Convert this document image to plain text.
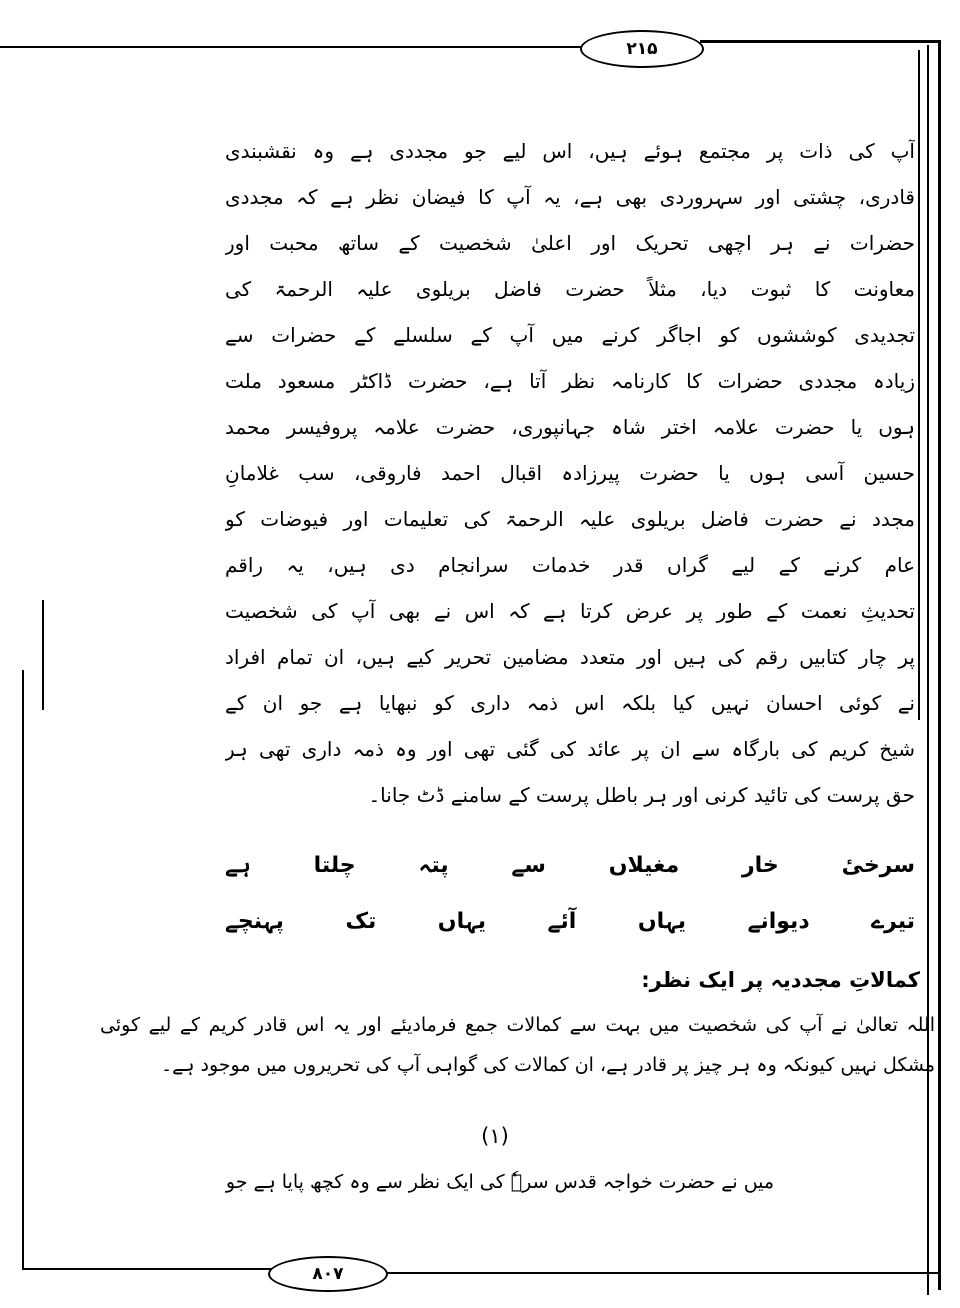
۲۱۵
آپ کی ذات پر مجتمع ہوئے ہیں، اس لیے جو مجددی ہے وہ نقشبندی
قادری، چشتی اور سہروردی بھی ہے، یہ آپ کا فیضان نظر ہے کہ مجددی
حضرات نے ہر اچھی تحریک اور اعلیٰ شخصیت کے ساتھ محبت اور
معاونت کا ثبوت دیا، مثلاً حضرت فاضل بریلوی علیہ الرحمۃ کی
تجدیدی کوششوں کو اجاگر کرنے میں آپ کے سلسلے کے حضرات سے
زیادہ مجددی حضرات کا کارنامہ نظر آتا ہے، حضرت ڈاکٹر مسعود ملت
ہوں یا حضرت علامہ اختر شاہ جہانپوری، حضرت علامہ پروفیسر محمد
حسین آسی ہوں یا حضرت پیرزادہ اقبال احمد فاروقی، سب غلامانِ
مجدد نے حضرت فاضل بریلوی علیہ الرحمۃ کی تعلیمات اور فیوضات کو
عام کرنے کے لیے گراں قدر خدمات سرانجام دی ہیں، یہ راقم
تحدیثِ نعمت کے طور پر عرض کرتا ہے کہ اس نے بھی آپ کی شخصیت
پر چار کتابیں رقم کی ہیں اور متعدد مضامین تحریر کیے ہیں، ان تمام افراد
نے کوئی احسان نہیں کیا بلکہ اس ذمہ داری کو نبھایا ہے جو ان کے
شیخ کریم کی بارگاہ سے ان پر عائد کی گئی تھی اور وہ ذمہ داری تھی ہر
حق پرست کی تائید کرنی اور ہر باطل پرست کے سامنے ڈٹ جانا۔
سرخیٔ خار مغیلاں سے پتہ چلتا ہے
تیرے دیوانے یہاں آئے یہاں تک پہنچے
کمالاتِ مجددیہ پر ایک نظر:
اللہ تعالیٰ نے آپ کی شخصیت میں بہت سے کمالات جمع فرمادیئے اور یہ اس قادر کریم کے لیے کوئی
مشکل نہیں کیونکہ وہ ہر چیز پر قادر ہے، ان کمالات کی گواہی آپ کی تحریروں میں موجود ہے۔
(۱)
میں نے حضرت خواجہ قدس سرہٗ کی ایک نظر سے وہ کچھ پایا ہے جو
۸۰۷
